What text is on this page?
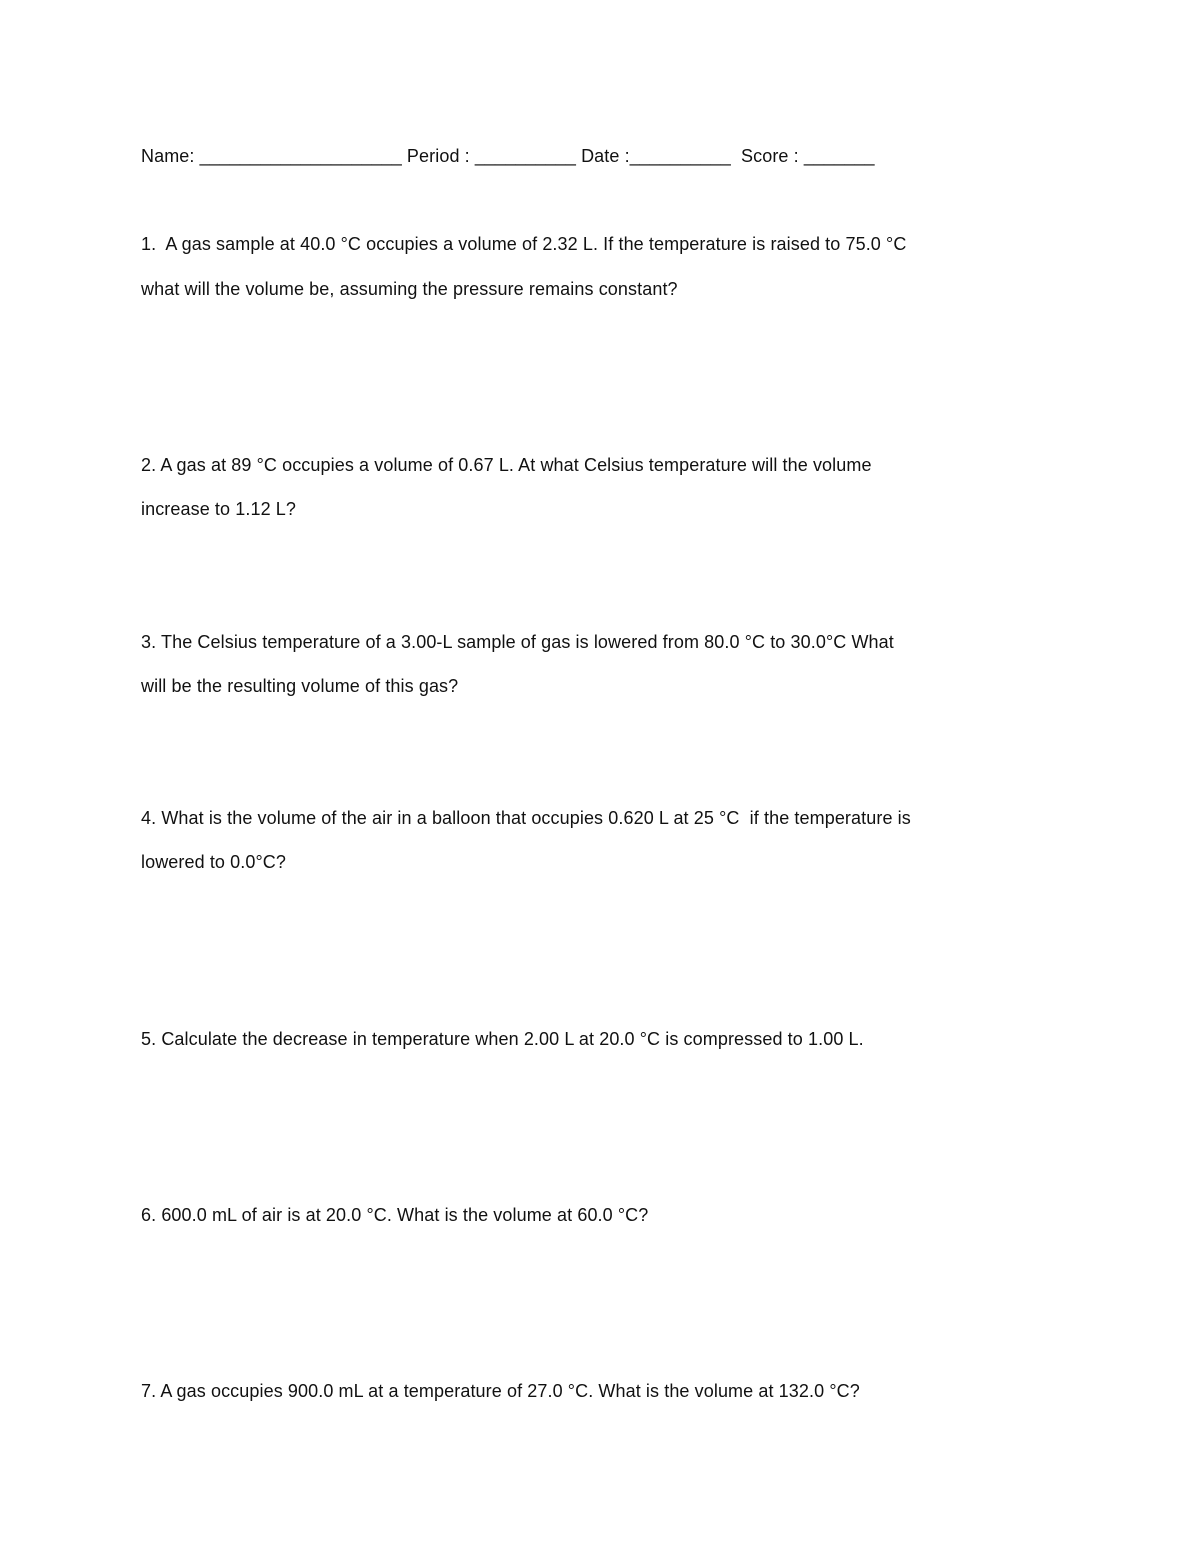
Name: ____________________ Period : __________ Date :__________  Score : _______
1.  A gas sample at 40.0 °C occupies a volume of 2.32 L. If the temperature is raised to 75.0 °C
what will the volume be, assuming the pressure remains constant?
2. A gas at 89 °C occupies a volume of 0.67 L. At what Celsius temperature will the volume
increase to 1.12 L?
3. The Celsius temperature of a 3.00-L sample of gas is lowered from 80.0 °C to 30.0°C What
will be the resulting volume of this gas?
4. What is the volume of the air in a balloon that occupies 0.620 L at 25 °C  if the temperature is
lowered to 0.0°C?
5. Calculate the decrease in temperature when 2.00 L at 20.0 °C is compressed to 1.00 L.
6. 600.0 mL of air is at 20.0 °C. What is the volume at 60.0 °C?
7. A gas occupies 900.0 mL at a temperature of 27.0 °C. What is the volume at 132.0 °C?
